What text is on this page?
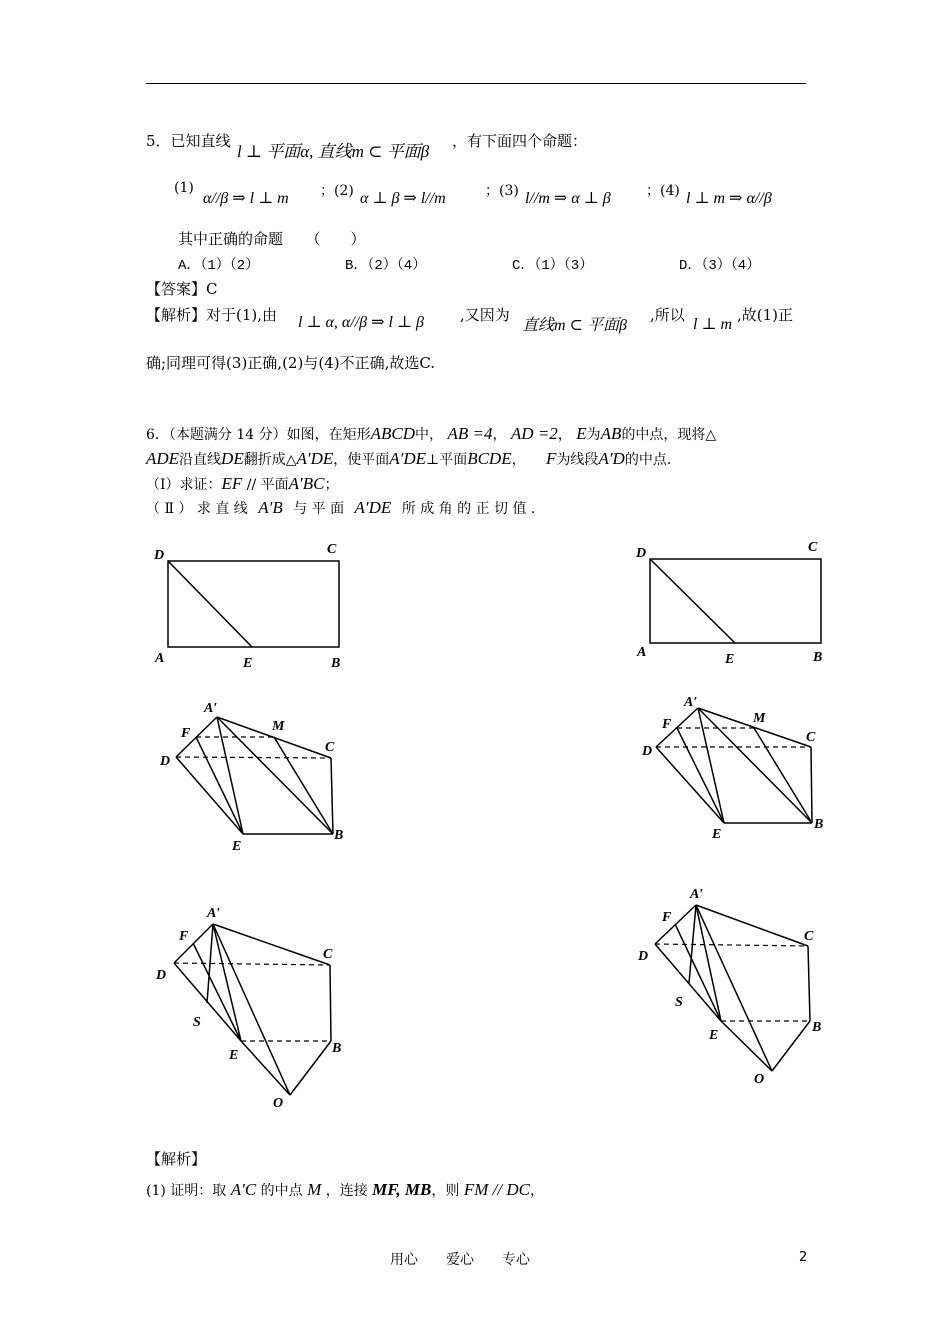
5．已知直线
l ⊥ 平面α, 直线m ⊂ 平面β
，有下面四个命题：
(1)
α//β ⇒ l ⊥ m ；(2) α ⊥ β ⇒ l//m	；(3) l//m ⇒ α ⊥ β	；(4) l ⊥ m ⇒ α//β
其中正确的命题　　（　　）
A．（1）（2）	B．（2）（4）	C．（1）（3）	D．（3）（4）
【答案】C
【解析】对于(1),由 l ⊥ α, α//β ⇒ l ⊥ β ,又因为
直线m ⊂ 平面β
,所以
l ⊥ m
,故(1)正
确;同理可得(3)正确,(2)与(4)不正确,故选C.
6．（本题满分 14 分）如图，在矩形ABCD中， AB =4， AD =2， E为AB的中点，现将△
ADE沿直线DE翻折成△A′DE，使平面A′DE⊥平面BCDE， F为线段A′D的中点.
（Ⅰ）求证：EF // 平面A′BC；
（ Ⅱ ） 求 直 线 A′B 与 平 面 A′DE 所 成 角 的 正 切 值 .
D	C
A	E	B
D	C
A	E	B
A′
F	M
C
D
E
B
A′
F	M
C
D
E
B
A′
F
C
D
S
E	B
O
A′
F
C
D
S
E
B
O
【解析】
(1) 证明：取 A′C 的中点 M ，连接 MF, MB，则 FM // DC，
用心　　爱心　　专心	2
